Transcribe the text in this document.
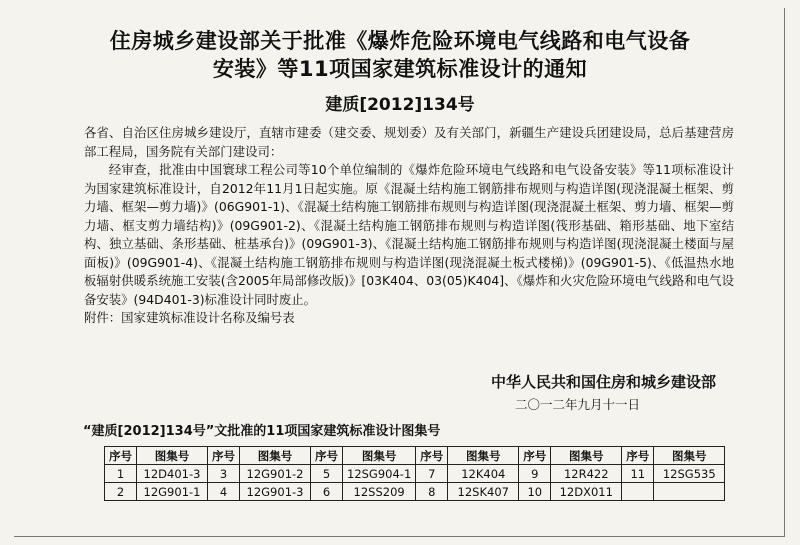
住房城乡建设部关于批准《爆炸危险环境电气线路和电气设备
安装》等11项国家建筑标准设计的通知
建质[2012]134号

各省、自治区住房城乡建设厅，直辖市建委（建交委、规划委）及有关部门，新疆生产建设兵团建设局，总后基建营房部工程局，国务院有关部门建设司：

经审查，批准由中国寰球工程公司等10个单位编制的《爆炸危险环境电气线路和电气设备安装》等11项标准设计为国家建筑标准设计，自2012年11月1日起实施。原《混凝土结构施工钢筋排布规则与构造详图(现浇混凝土框架、剪力墙、框架—剪力墙)》(06G901-1)、《混凝土结构施工钢筋排布规则与构造详图(现浇混凝土框架、剪力墙、框架—剪力墙、框支剪力墙结构)》(09G901-2)、《混凝土结构施工钢筋排布规则与构造详图(筏形基础、箱形基础、地下室结构、独立基础、条形基础、桩基承台)》(09G901-3)、《混凝土结构施工钢筋排布规则与构造详图(现浇混凝土楼面与屋面板)》(09G901-4)、《混凝土结构施工钢筋排布规则与构造详图(现浇混凝土板式楼梯)》(09G901-5)、《低温热水地板辐射供暖系统施工安装(含2005年局部修改版)》[03K404、03(05)K404]、《爆炸和火灾危险环境电气线路和电气设备安装》(94D401-3)标准设计同时废止。

附件：国家建筑标准设计名称及编号表

中华人民共和国住房和城乡建设部
二〇一二年九月十一日
“建质[2012]134号”文批准的11项国家建筑标准设计图集号
序号	图集号	序号	图集号	序号	图集号	序号	图集号	序号	图集号	序号	图集号
1	12D401-3	3	12G901-2	5	12SG904-1	7	12K404	9	12R422	11	12SG535
2	12G901-1	4	12G901-3	6	12SS209	8	12SK407	10	12DX011		
